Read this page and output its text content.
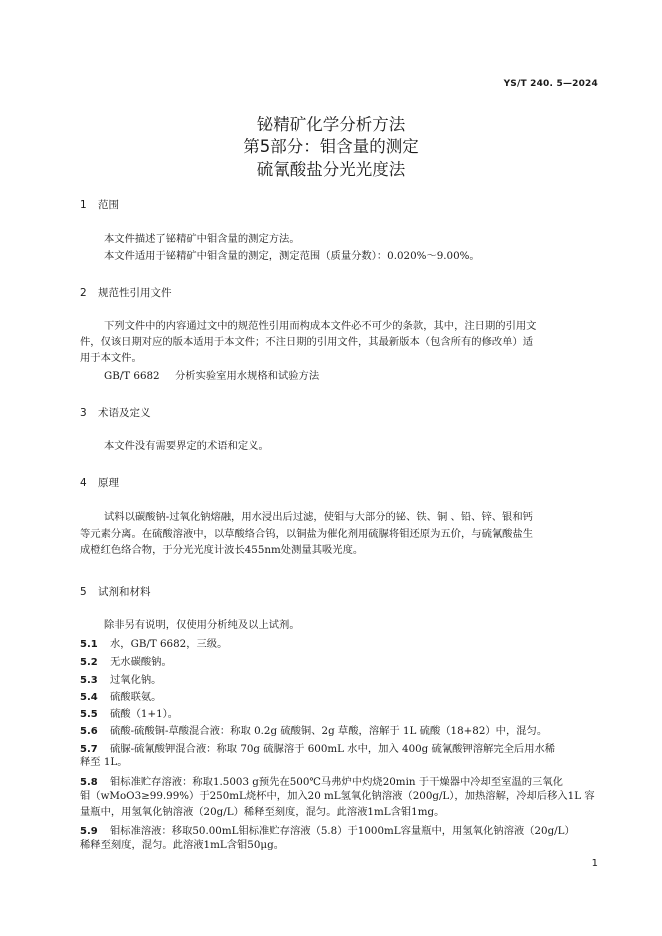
YS/T 240. 5—2024
铋精矿化学分析方法
第5部分：钼含量的测定
硫氰酸盐分光光度法
1 范围
本文件描述了铋精矿中钼含量的测定方法。
本文件适用于铋精矿中钼含量的测定，测定范围（质量分数）：0.020%～9.00%。
2 规范性引用文件
下列文件中的内容通过文中的规范性引用而构成本文件必不可少的条款，其中，注日期的引用文
件，仅该日期对应的版本适用于本文件；不注日期的引用文件，其最新版本（包含所有的修改单）适
用于本文件。
GB/T 6682 分析实验室用水规格和试验方法
3 术语及定义
本文件没有需要界定的术语和定义。
4 原理
试料以碳酸钠-过氧化钠熔融，用水浸出后过滤，使钼与大部分的铋、铁、铜 、铅、锌、银和钙
等元素分离。在硫酸溶液中，以草酸络合钨，以铜盐为催化剂用硫脲将钼还原为五价，与硫氰酸盐生
成橙红色络合物，于分光光度计波长455nm处测量其吸光度。
5 试剂和材料
除非另有说明，仅使用分析纯及以上试剂。
5.1 水，GB/T 6682，三级。
5.2 无水碳酸钠。
5.3 过氧化钠。
5.4 硫酸联氨。
5.5 硫酸（1+1）。
5.6 硫酸-硫酸铜-草酸混合液：称取 0.2g 硫酸铜、2g 草酸，溶解于 1L 硫酸（18+82）中，混匀。
5.7 硫脲-硫氰酸钾混合液：称取 70g 硫脲溶于 600mL 水中，加入 400g 硫氰酸钾溶解完全后用水稀
释至 1L。
5.8 钼标准贮存溶液：称取1.5003 g预先在500℃马弗炉中灼烧20min 于干燥器中冷却至室温的三氧化
钼（wMoO3≥99.99%）于250mL烧杯中，加入20 mL氢氧化钠溶液（200g/L），加热溶解，冷却后移入1L 容
量瓶中，用氢氧化钠溶液（20g/L）稀释至刻度，混匀。此溶液1mL含钼1mg。
5.9 钼标准溶液：移取50.00mL钼标准贮存溶液（5.8）于1000mL容量瓶中，用氢氧化钠溶液（20g/L）
稀释至刻度，混匀。此溶液1mL含钼50μg。
1
